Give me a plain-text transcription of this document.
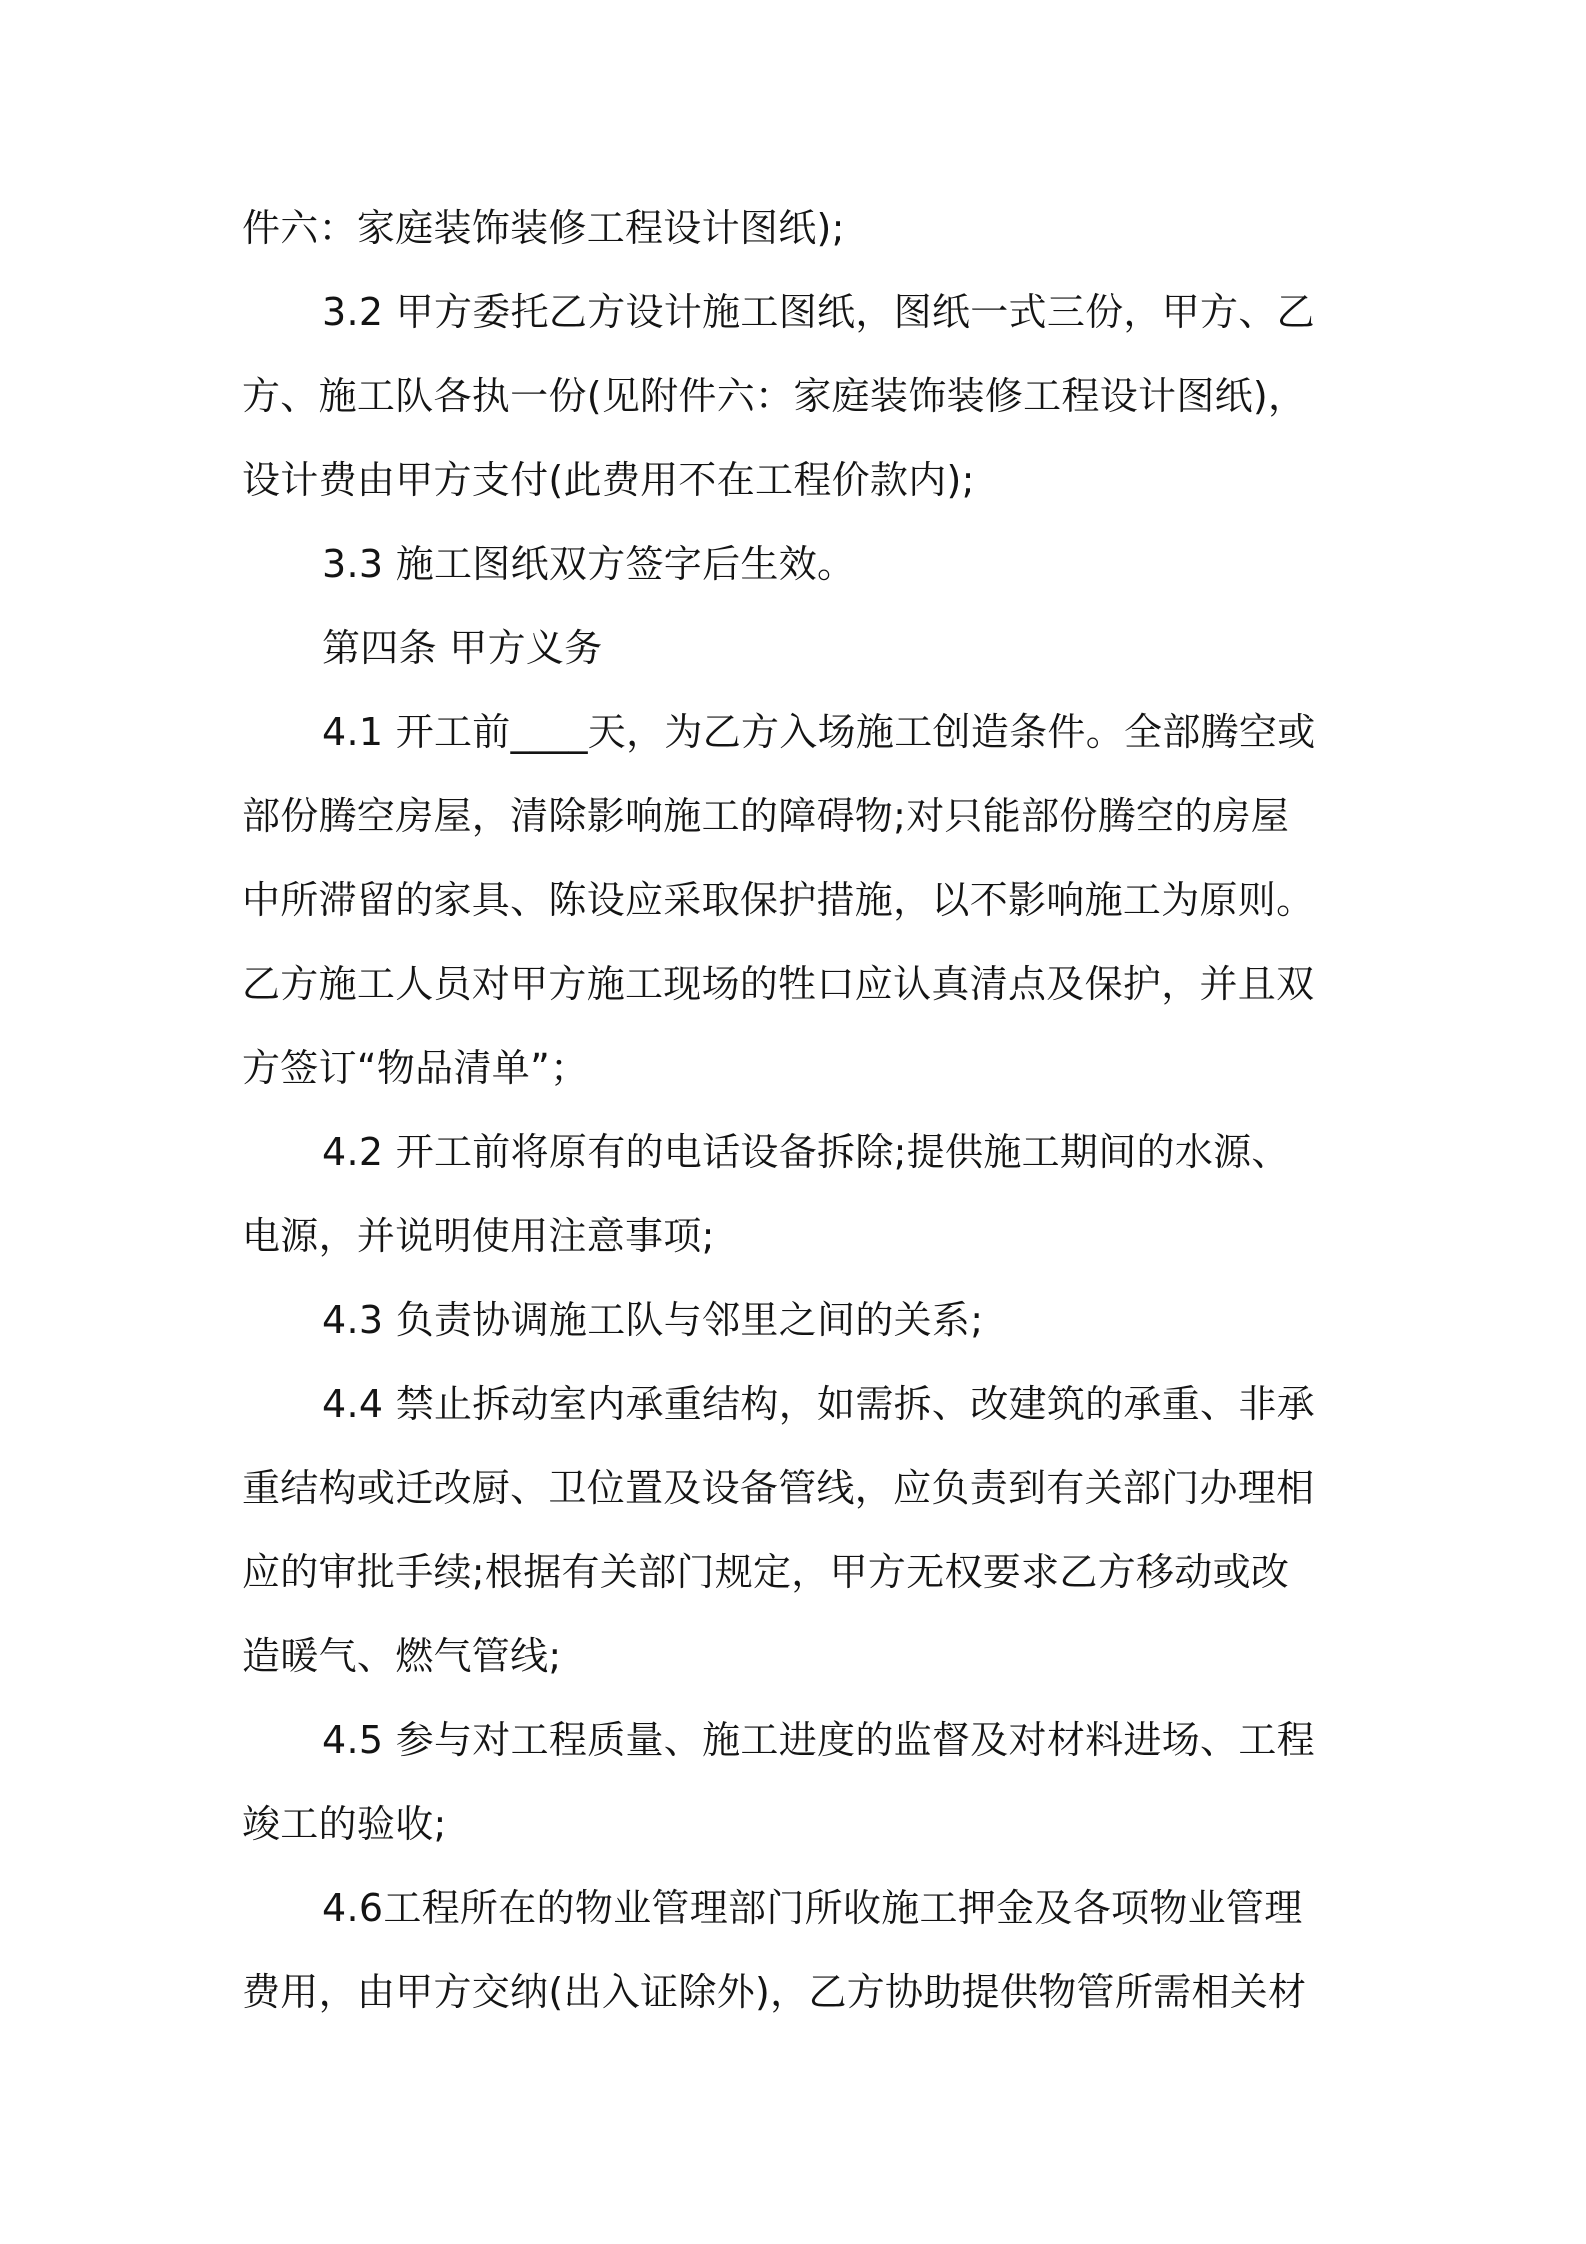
件六：家庭装饰装修工程设计图纸);
3.2 甲方委托乙方设计施工图纸，图纸一式三份，甲方、乙
方、施工队各执一份(见附件六：家庭装饰装修工程设计图纸)，
设计费由甲方支付(此费用不在工程价款内);
3.3 施工图纸双方签字后生效。
第四条 甲方义务
4.1 开工前____天，为乙方入场施工创造条件。全部腾空或
部份腾空房屋，清除影响施工的障碍物;对只能部份腾空的房屋
中所滞留的家具、陈设应采取保护措施，以不影响施工为原则。
乙方施工人员对甲方施工现场的牲口应认真清点及保护，并且双
方签订“物品清单”；
4.2 开工前将原有的电话设备拆除;提供施工期间的水源、
电源，并说明使用注意事项;
4.3 负责协调施工队与邻里之间的关系;
4.4 禁止拆动室内承重结构，如需拆、改建筑的承重、非承
重结构或迁改厨、卫位置及设备管线，应负责到有关部门办理相
应的审批手续;根据有关部门规定，甲方无权要求乙方移动或改
造暖气、燃气管线;
4.5 参与对工程质量、施工进度的监督及对材料进场、工程
竣工的验收;
4.6工程所在的物业管理部门所收施工押金及各项物业管理
费用，由甲方交纳(出入证除外)，乙方协助提供物管所需相关材
